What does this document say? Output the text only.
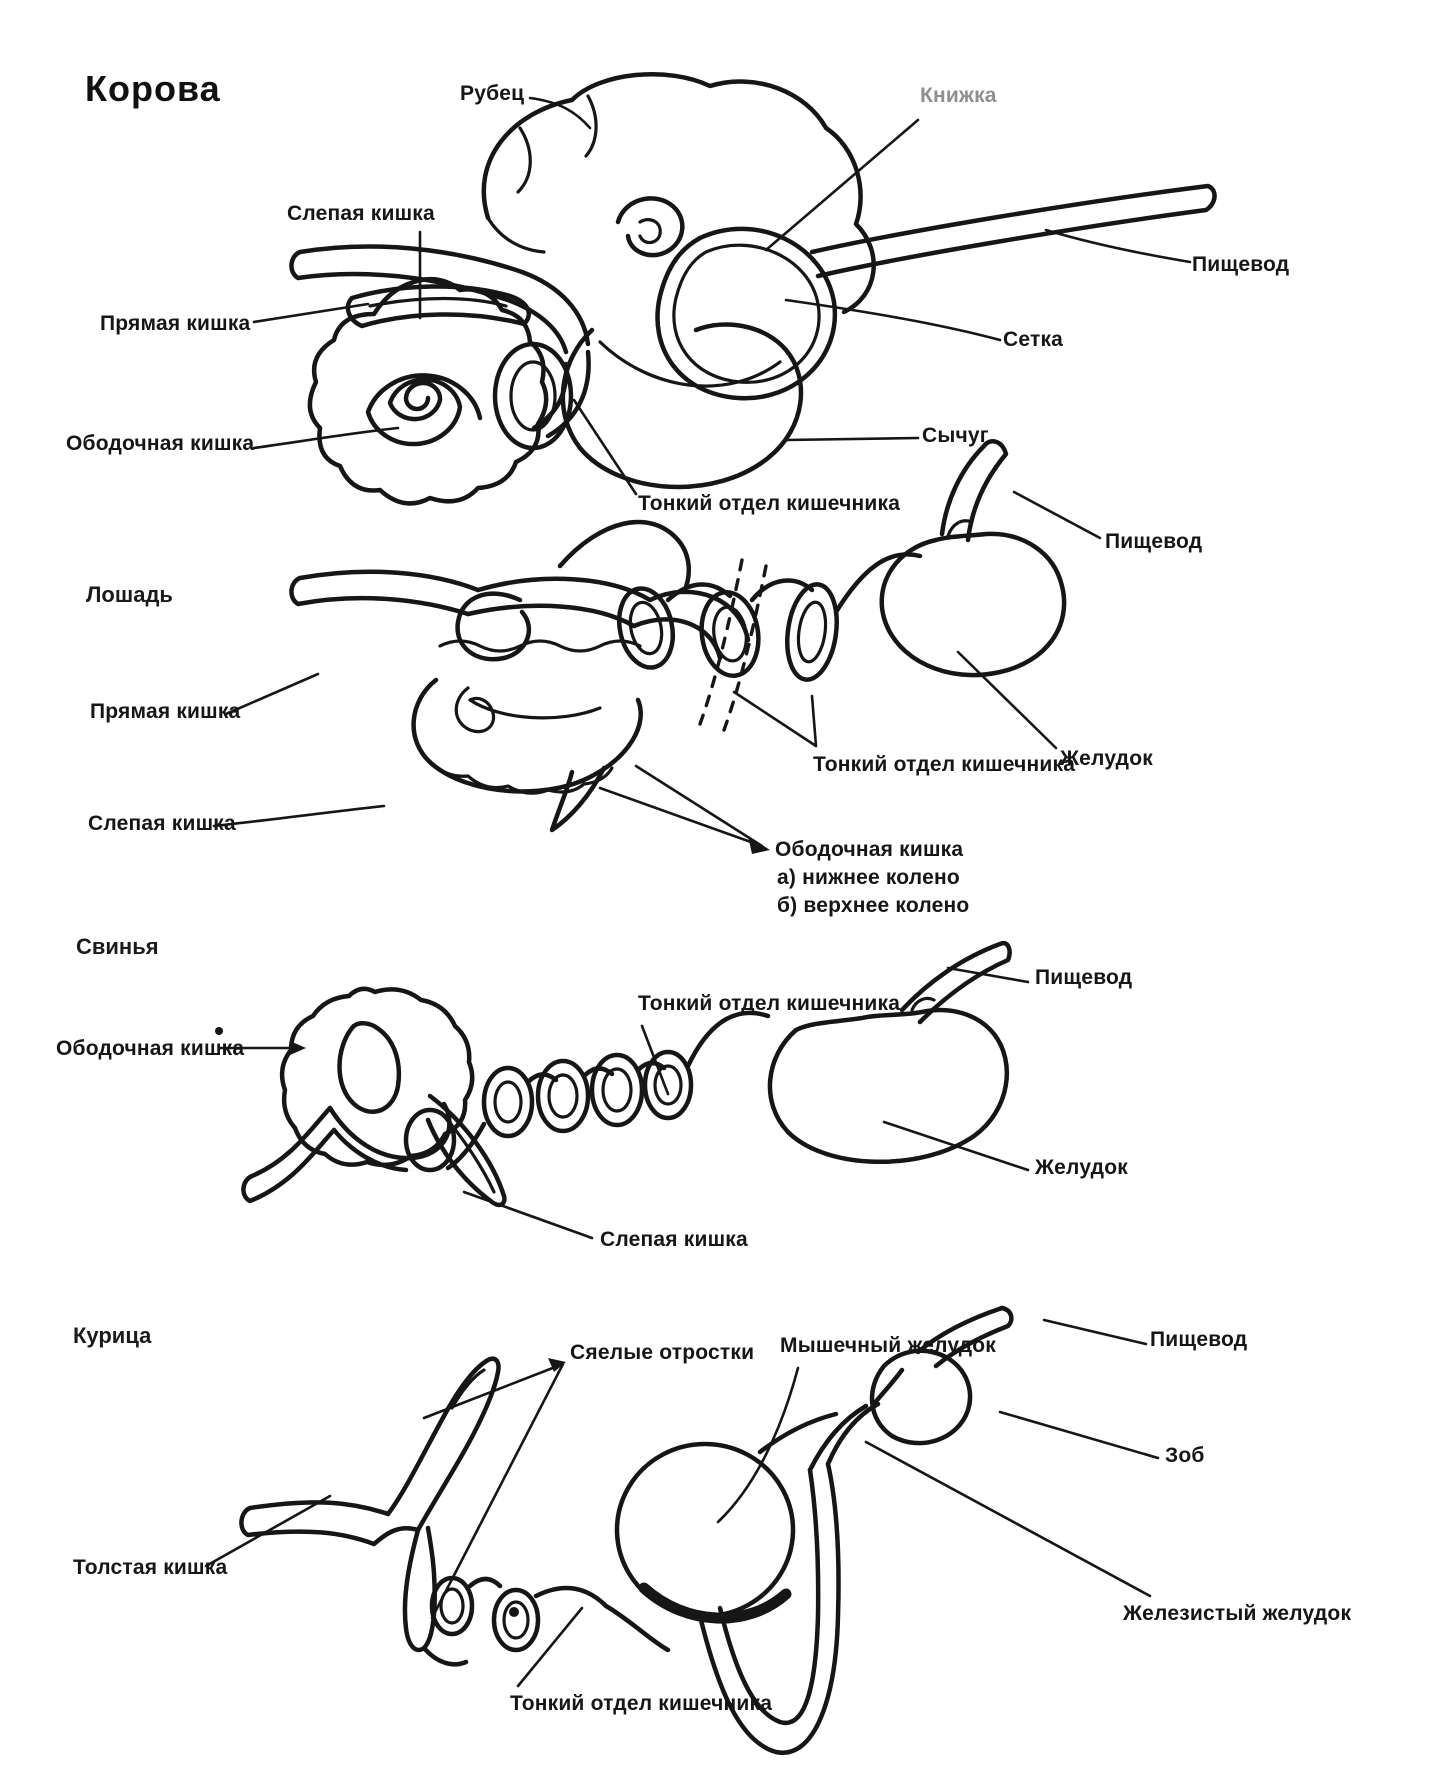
Корова	Рубец	Книжка
Слепая кишка
Пищевод
Прямая кишка
Сетка
Ободочная кишка	Сычуг
Тонкий отдел кишечника
Лошадь
Пищевод
Прямая кишка
Тонкий отдел кишечника
Желудок
Слепая кишка
Ободочная кишка
а) нижнее колено
б) верхнее колено
Свинья
Ободочная кишка
Тонкий отдел кишечника
Пищевод
Желудок
Слепая кишка
Курица
Сяелые отростки Мышечный желудок	Пищевод
Зоб
Железистый желудок
Толстая кишка
Тонкий отдел кишечника
